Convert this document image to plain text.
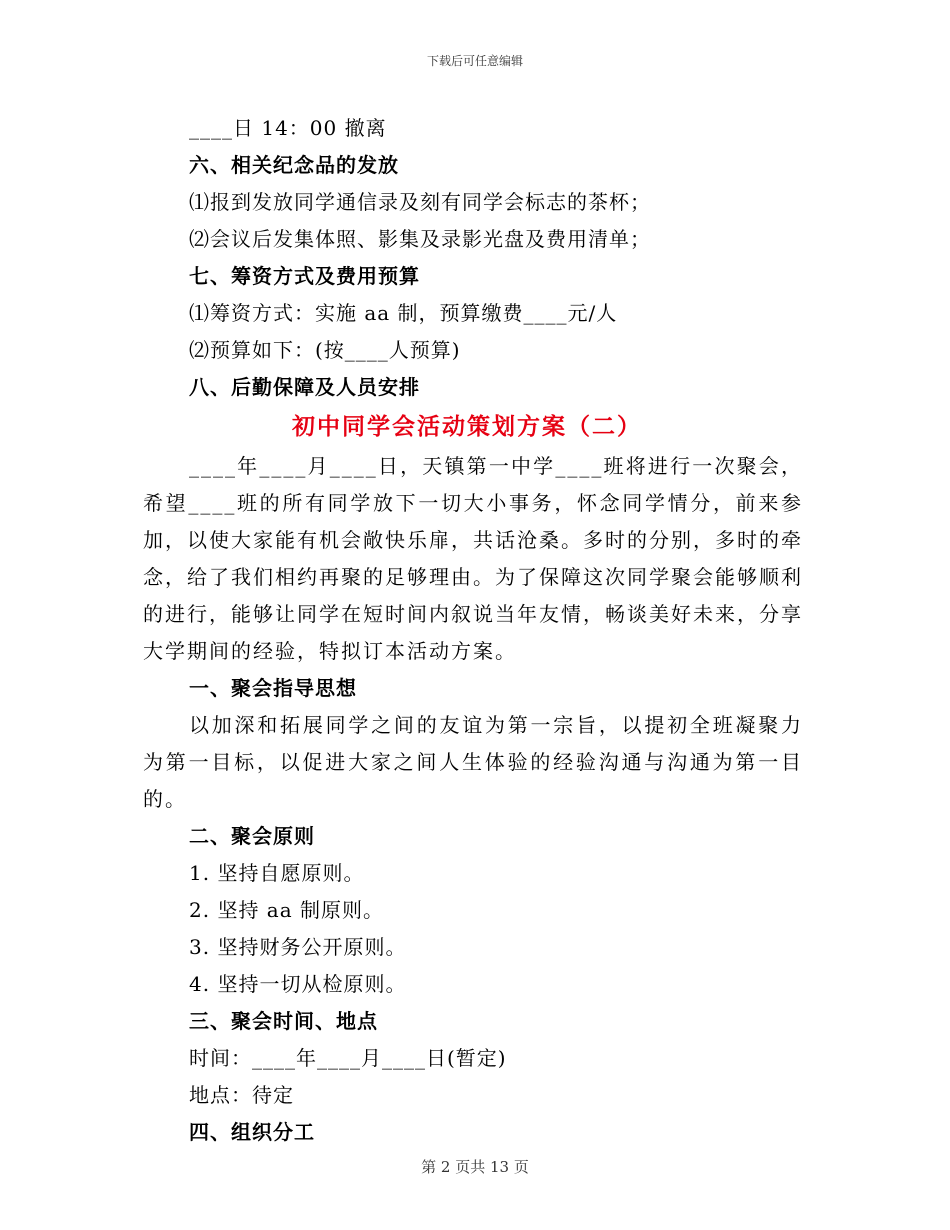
下载后可任意编辑
____日 14：00 撤离
六、相关纪念品的发放
⑴报到发放同学通信录及刻有同学会标志的茶杯；
⑵会议后发集体照、影集及录影光盘及费用清单；
七、筹资方式及费用预算
⑴筹资方式：实施 aa 制，预算缴费____元/人
⑵预算如下：(按____人预算)
八、后勤保障及人员安排
初中同学会活动策划方案（二）
____年____月____日，天镇第一中学____班将进行一次聚会，希望____班的所有同学放下一切大小事务，怀念同学情分，前来参加，以使大家能有机会敞快乐扉，共话沧桑。多时的分别，多时的牵念，给了我们相约再聚的足够理由。为了保障这次同学聚会能够顺利的进行，能够让同学在短时间内叙说当年友情，畅谈美好未来，分享大学期间的经验，特拟订本活动方案。
一、聚会指导思想
以加深和拓展同学之间的友谊为第一宗旨，以提初全班凝聚力为第一目标，以促进大家之间人生体验的经验沟通与沟通为第一目的。
二、聚会原则
1. 坚持自愿原则。
2. 坚持 aa 制原则。
3. 坚持财务公开原则。
4. 坚持一切从检原则。
三、聚会时间、地点
时间：____年____月____日(暂定)
地点：待定
四、组织分工
第 2 页共 13 页
